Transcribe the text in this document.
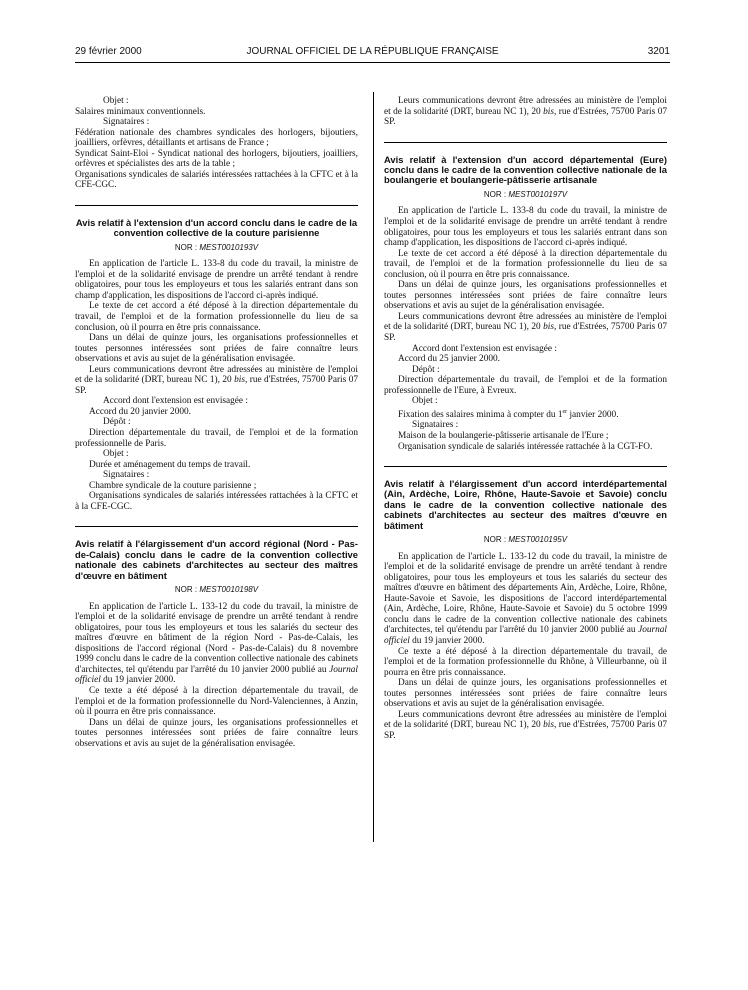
29 février 2000	JOURNAL OFFICIEL DE LA RÉPUBLIQUE FRANÇAISE	3201

Objet :

Salaires minimaux conventionnels.

Signataires :

Fédération nationale des chambres syndicales des horlogers, bijoutiers, joailliers, orfèvres, détaillants et artisans de France ;

Syndicat Saint-Eloi - Syndicat national des horlogers, bijoutiers, joailliers, orfèvres et spécialistes des arts de la table ;

Organisations syndicales de salariés intéressées rattachées à la CFTC et à la CFE-CGC.

Avis relatif à l'extension d'un accord conclu dans le cadre de la convention collective de la couture parisienne
NOR : MEST0010193V

En application de l'article L. 133-8 du code du travail, la ministre de l'emploi et de la solidarité envisage de prendre un arrêté tendant à rendre obligatoires, pour tous les employeurs et tous les salariés entrant dans son champ d'application, les dispositions de l'accord ci-après indiqué.

Le texte de cet accord a été déposé à la direction départementale du travail, de l'emploi et de la formation professionnelle du lieu de sa conclusion, où il pourra en être pris connaissance.

Dans un délai de quinze jours, les organisations professionnelles et toutes personnes intéressées sont priées de faire connaître leurs observations et avis au sujet de la généralisation envisagée.

Leurs communications devront être adressées au ministère de l'emploi et de la solidarité (DRT, bureau NC 1), 20 bis, rue d'Estrées, 75700 Paris 07 SP.

Accord dont l'extension est envisagée :

Accord du 20 janvier 2000.

Dépôt :

Direction départementale du travail, de l'emploi et de la formation professionnelle de Paris.

Objet :

Durée et aménagement du temps de travail.

Signataires :

Chambre syndicale de la couture parisienne ;

Organisations syndicales de salariés intéressées rattachées à la CFTC et à la CFE-CGC.

Avis relatif à l'élargissement d'un accord régional (Nord - Pas-de-Calais) conclu dans le cadre de la convention collective nationale des cabinets d'architectes au secteur des maîtres d'œuvre en bâtiment
NOR : MEST0010198V

En application de l'article L. 133-12 du code du travail, la ministre de l'emploi et de la solidarité envisage de prendre un arrêté tendant à rendre obligatoires, pour tous les employeurs et tous les salariés du secteur des maîtres d'œuvre en bâtiment de la région Nord - Pas-de-Calais, les dispositions de l'accord régional (Nord - Pas-de-Calais) du 8 novembre 1999 conclu dans le cadre de la convention collective nationale des cabinets d'architectes, tel qu'étendu par l'arrêté du 10 janvier 2000 publié au Journal officiel du 19 janvier 2000.

Ce texte a été déposé à la direction départementale du travail, de l'emploi et de la formation professionnelle du Nord-Valenciennes, à Anzin, où il pourra en être pris connaissance.

Dans un délai de quinze jours, les organisations professionnelles et toutes personnes intéressées sont priées de faire connaître leurs observations et avis au sujet de la généralisation envisagée.

Leurs communications devront être adressées au ministère de l'emploi et de la solidarité (DRT, bureau NC 1), 20 bis, rue d'Estrées, 75700 Paris 07 SP.

Avis relatif à l'extension d'un accord départemental (Eure) conclu dans le cadre de la convention collective nationale de la boulangerie et boulangerie-pâtisserie artisanale
NOR : MEST0010197V

En application de l'article L. 133-8 du code du travail, la ministre de l'emploi et de la solidarité envisage de prendre un arrêté tendant à rendre obligatoires, pour tous les employeurs et tous les salariés entrant dans son champ d'application, les dispositions de l'accord ci-après indiqué.

Le texte de cet accord a été déposé à la direction départementale du travail, de l'emploi et de la formation professionnelle du lieu de sa conclusion, où il pourra en être pris connaissance.

Dans un délai de quinze jours, les organisations professionnelles et toutes personnes intéressées sont priées de faire connaître leurs observations et avis au sujet de la généralisation envisagée.

Leurs communications devront être adressées au ministère de l'emploi et de la solidarité (DRT, bureau NC 1), 20 bis, rue d'Estrées, 75700 Paris 07 SP.

Accord dont l'extension est envisagée :

Accord du 25 janvier 2000.

Dépôt :

Direction départementale du travail, de l'emploi et de la formation professionnelle de l'Eure, à Evreux.

Objet :

Fixation des salaires minima à compter du 1er janvier 2000.

Signataires :

Maison de la boulangerie-pâtisserie artisanale de l'Eure ;

Organisation syndicale de salariés intéressée rattachée à la CGT-FO.

Avis relatif à l'élargissement d'un accord interdépartemental (Ain, Ardèche, Loire, Rhône, Haute-Savoie et Savoie) conclu dans le cadre de la convention collective nationale des cabinets d'architectes au secteur des maîtres d'œuvre en bâtiment
NOR : MEST0010195V

En application de l'article L. 133-12 du code du travail, la ministre de l'emploi et de la solidarité envisage de prendre un arrêté tendant à rendre obligatoires, pour tous les employeurs et tous les salariés du secteur des maîtres d'œuvre en bâtiment des départements Ain, Ardèche, Loire, Rhône, Haute-Savoie et Savoie, les dispositions de l'accord interdépartemental (Ain, Ardèche, Loire, Rhône, Haute-Savoie et Savoie) du 5 octobre 1999 conclu dans le cadre de la convention collective nationale des cabinets d'architectes, tel qu'étendu par l'arrêté du 10 janvier 2000 publié au Journal officiel du 19 janvier 2000.

Ce texte a été déposé à la direction départementale du travail, de l'emploi et de la formation professionnelle du Rhône, à Villeurbanne, où il pourra en être pris connaissance.

Dans un délai de quinze jours, les organisations professionnelles et toutes personnes intéressées sont priées de faire connaître leurs observations et avis au sujet de la généralisation envisagée.

Leurs communications devront être adressées au ministère de l'emploi et de la solidarité (DRT, bureau NC 1), 20 bis, rue d'Estrées, 75700 Paris 07 SP.
